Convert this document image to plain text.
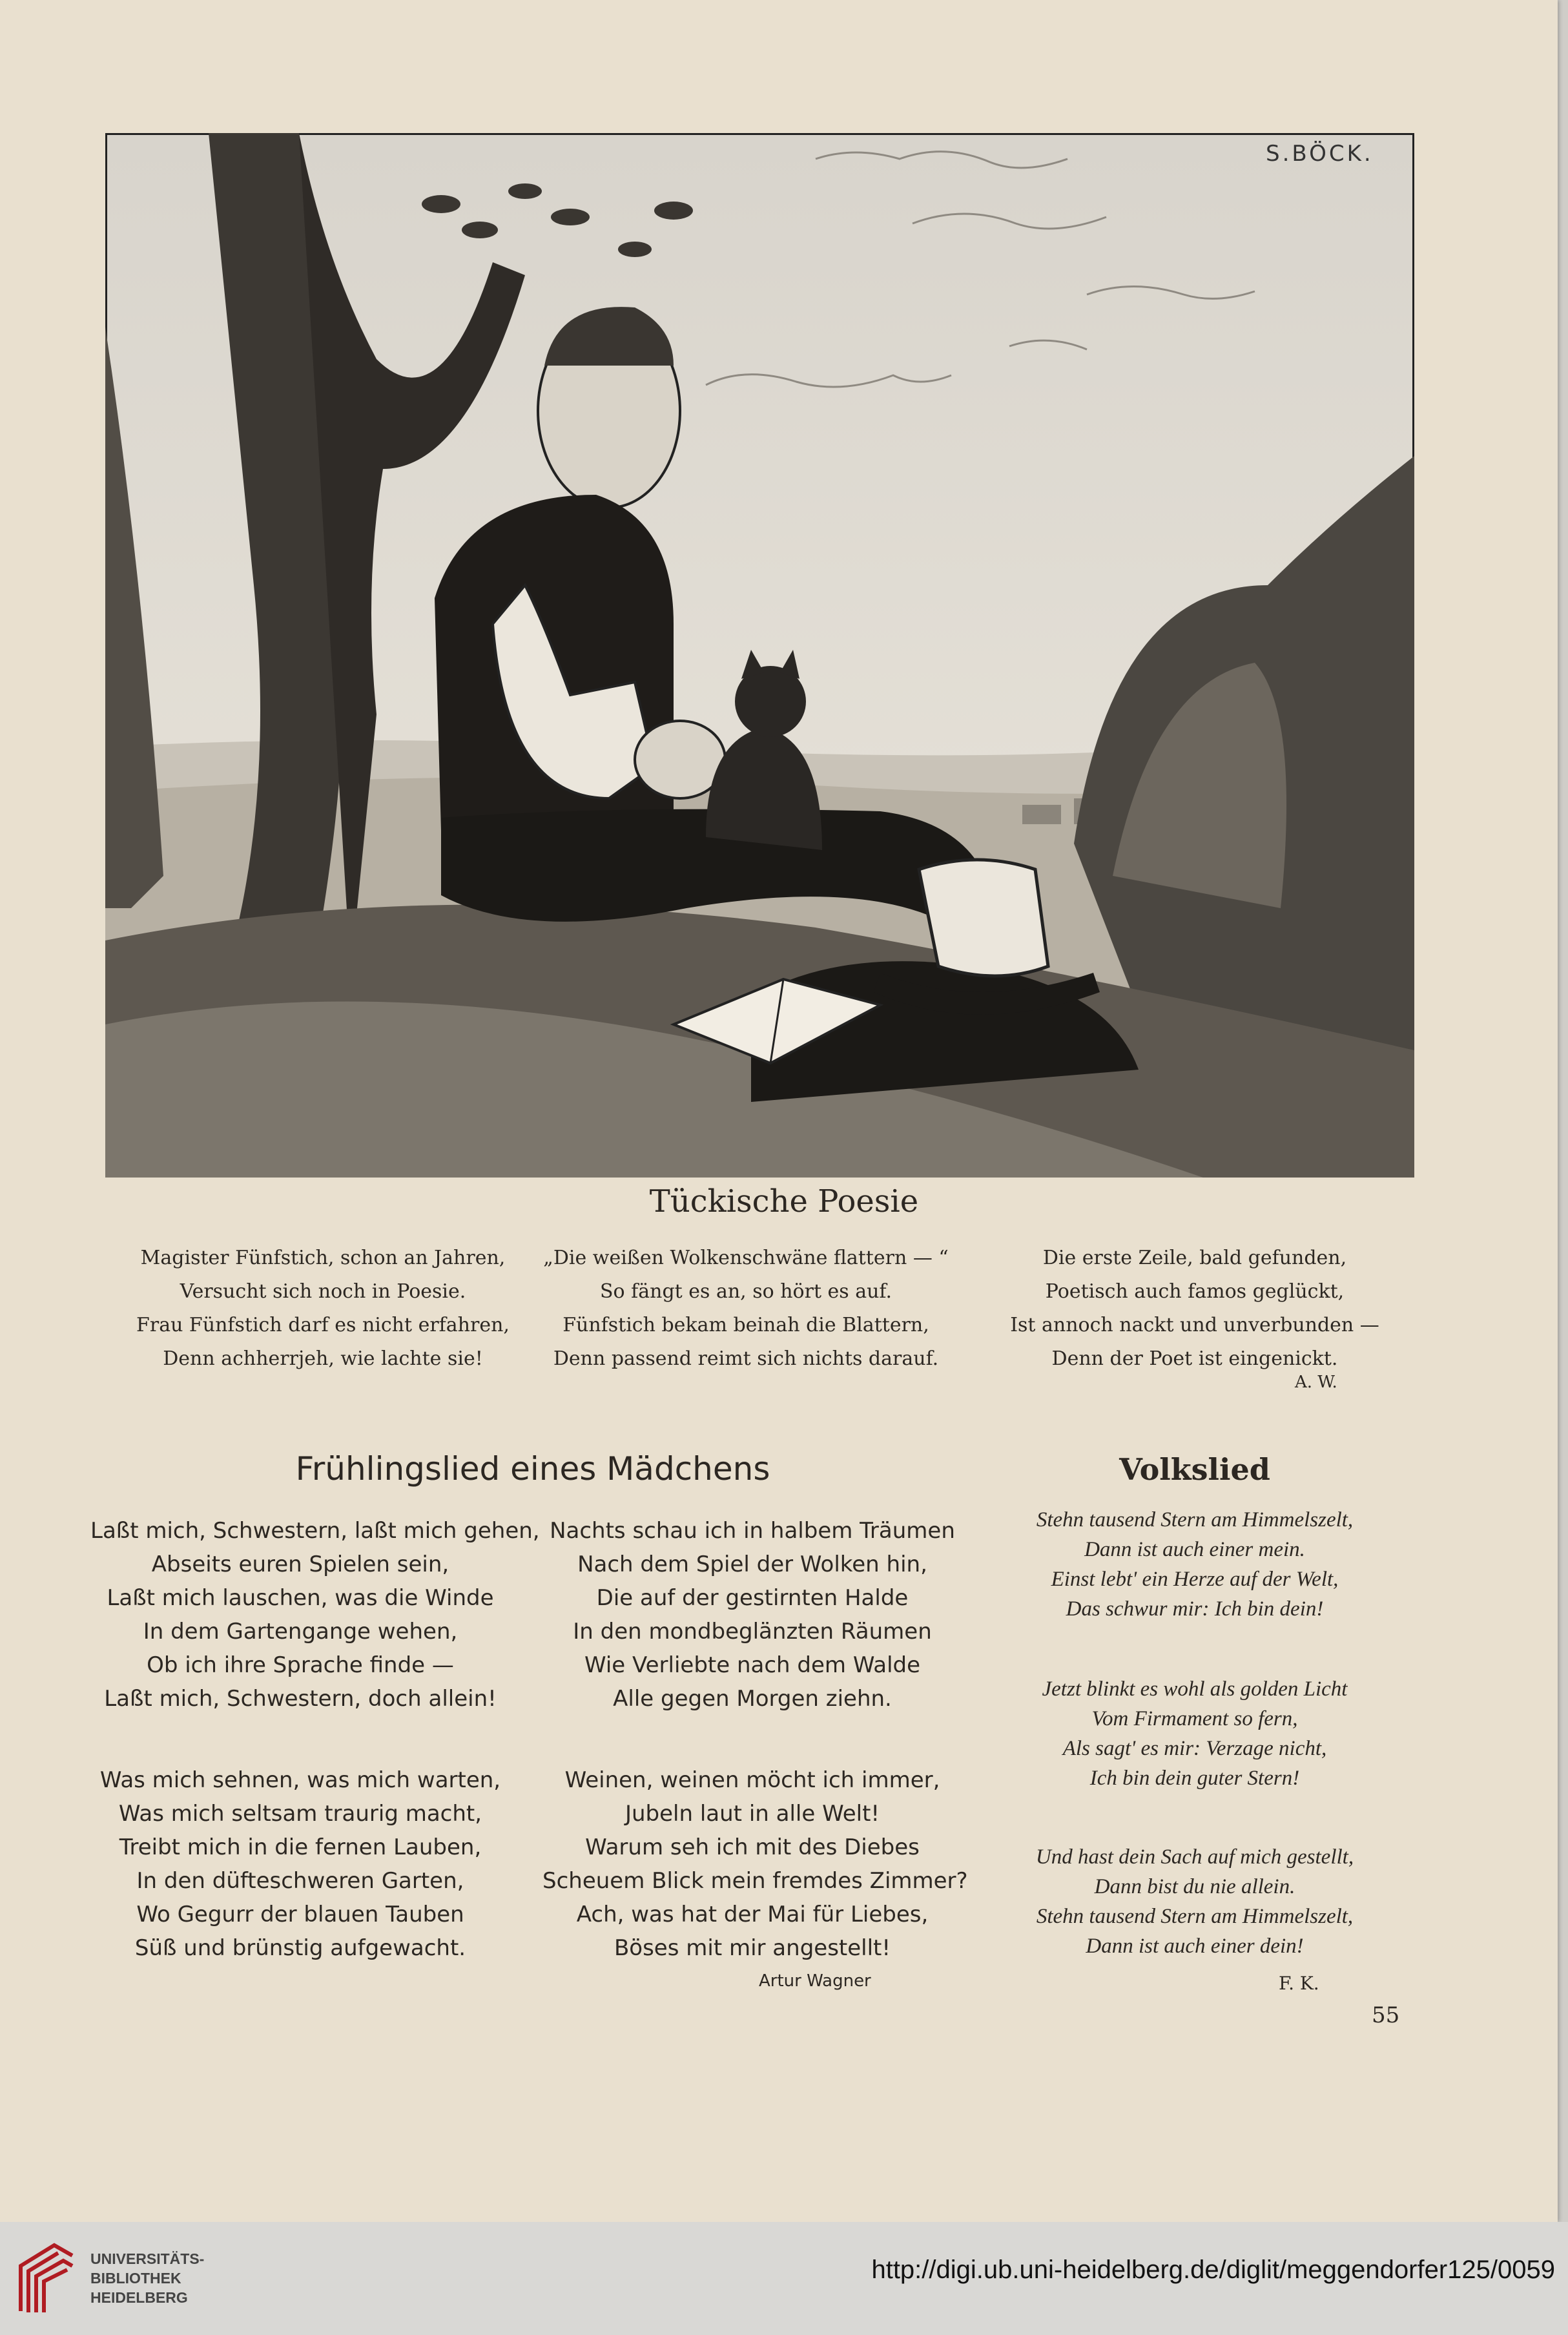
S.BÖCK.
Tückische Poesie
Magister Fünfstich, schon an Jahren,
Versucht sich noch in Poesie.
Frau Fünfstich darf es nicht erfahren,
Denn achherrjeh, wie lachte sie!
„Die weißen Wolkenschwäne flattern — “
So fängt es an, so hört es auf.
Fünfstich bekam beinah die Blattern,
Denn passend reimt sich nichts darauf.
Die erste Zeile, bald gefunden,
Poetisch auch famos geglückt,
Ist annoch nackt und unverbunden —
Denn der Poet ist eingenickt.
A. W.
Frühlingslied eines Mädchens
Laßt mich, Schwestern, laßt mich gehen,
Abseits euren Spielen sein,
Laßt mich lauschen, was die Winde
In dem Gartengange wehen,
Ob ich ihre Sprache finde —
Laßt mich, Schwestern, doch allein!
Was mich sehnen, was mich warten,
Was mich seltsam traurig macht,
Treibt mich in die fernen Lauben,
In den düfteschweren Garten,
Wo Gegurr der blauen Tauben
Süß und brünstig aufgewacht.
Nachts schau ich in halbem Träumen
Nach dem Spiel der Wolken hin,
Die auf der gestirnten Halde
In den mondbeglänzten Räumen
Wie Verliebte nach dem Walde
Alle gegen Morgen ziehn.
Weinen, weinen möcht ich immer,
Jubeln laut in alle Welt!
Warum seh ich mit des Diebes
Scheuem Blick mein fremdes Zimmer?
Ach, was hat der Mai für Liebes,
Böses mit mir angestellt!
Artur Wagner
Volkslied
Stehn tausend Stern am Himmelszelt,
Dann ist auch einer mein.
Einst lebt' ein Herze auf der Welt,
Das schwur mir: Ich bin dein!
Jetzt blinkt es wohl als golden Licht
Vom Firmament so fern,
Als sagt' es mir: Verzage nicht,
Ich bin dein guter Stern!
Und hast dein Sach auf mich gestellt,
Dann bist du nie allein.
Stehn tausend Stern am Himmelszelt,
Dann ist auch einer dein!
F. K.
55
UNIVERSITÄTS-
BIBLIOTHEK
HEIDELBERG
http://digi.ub.uni-heidelberg.de/diglit/meggendorfer125/0059
